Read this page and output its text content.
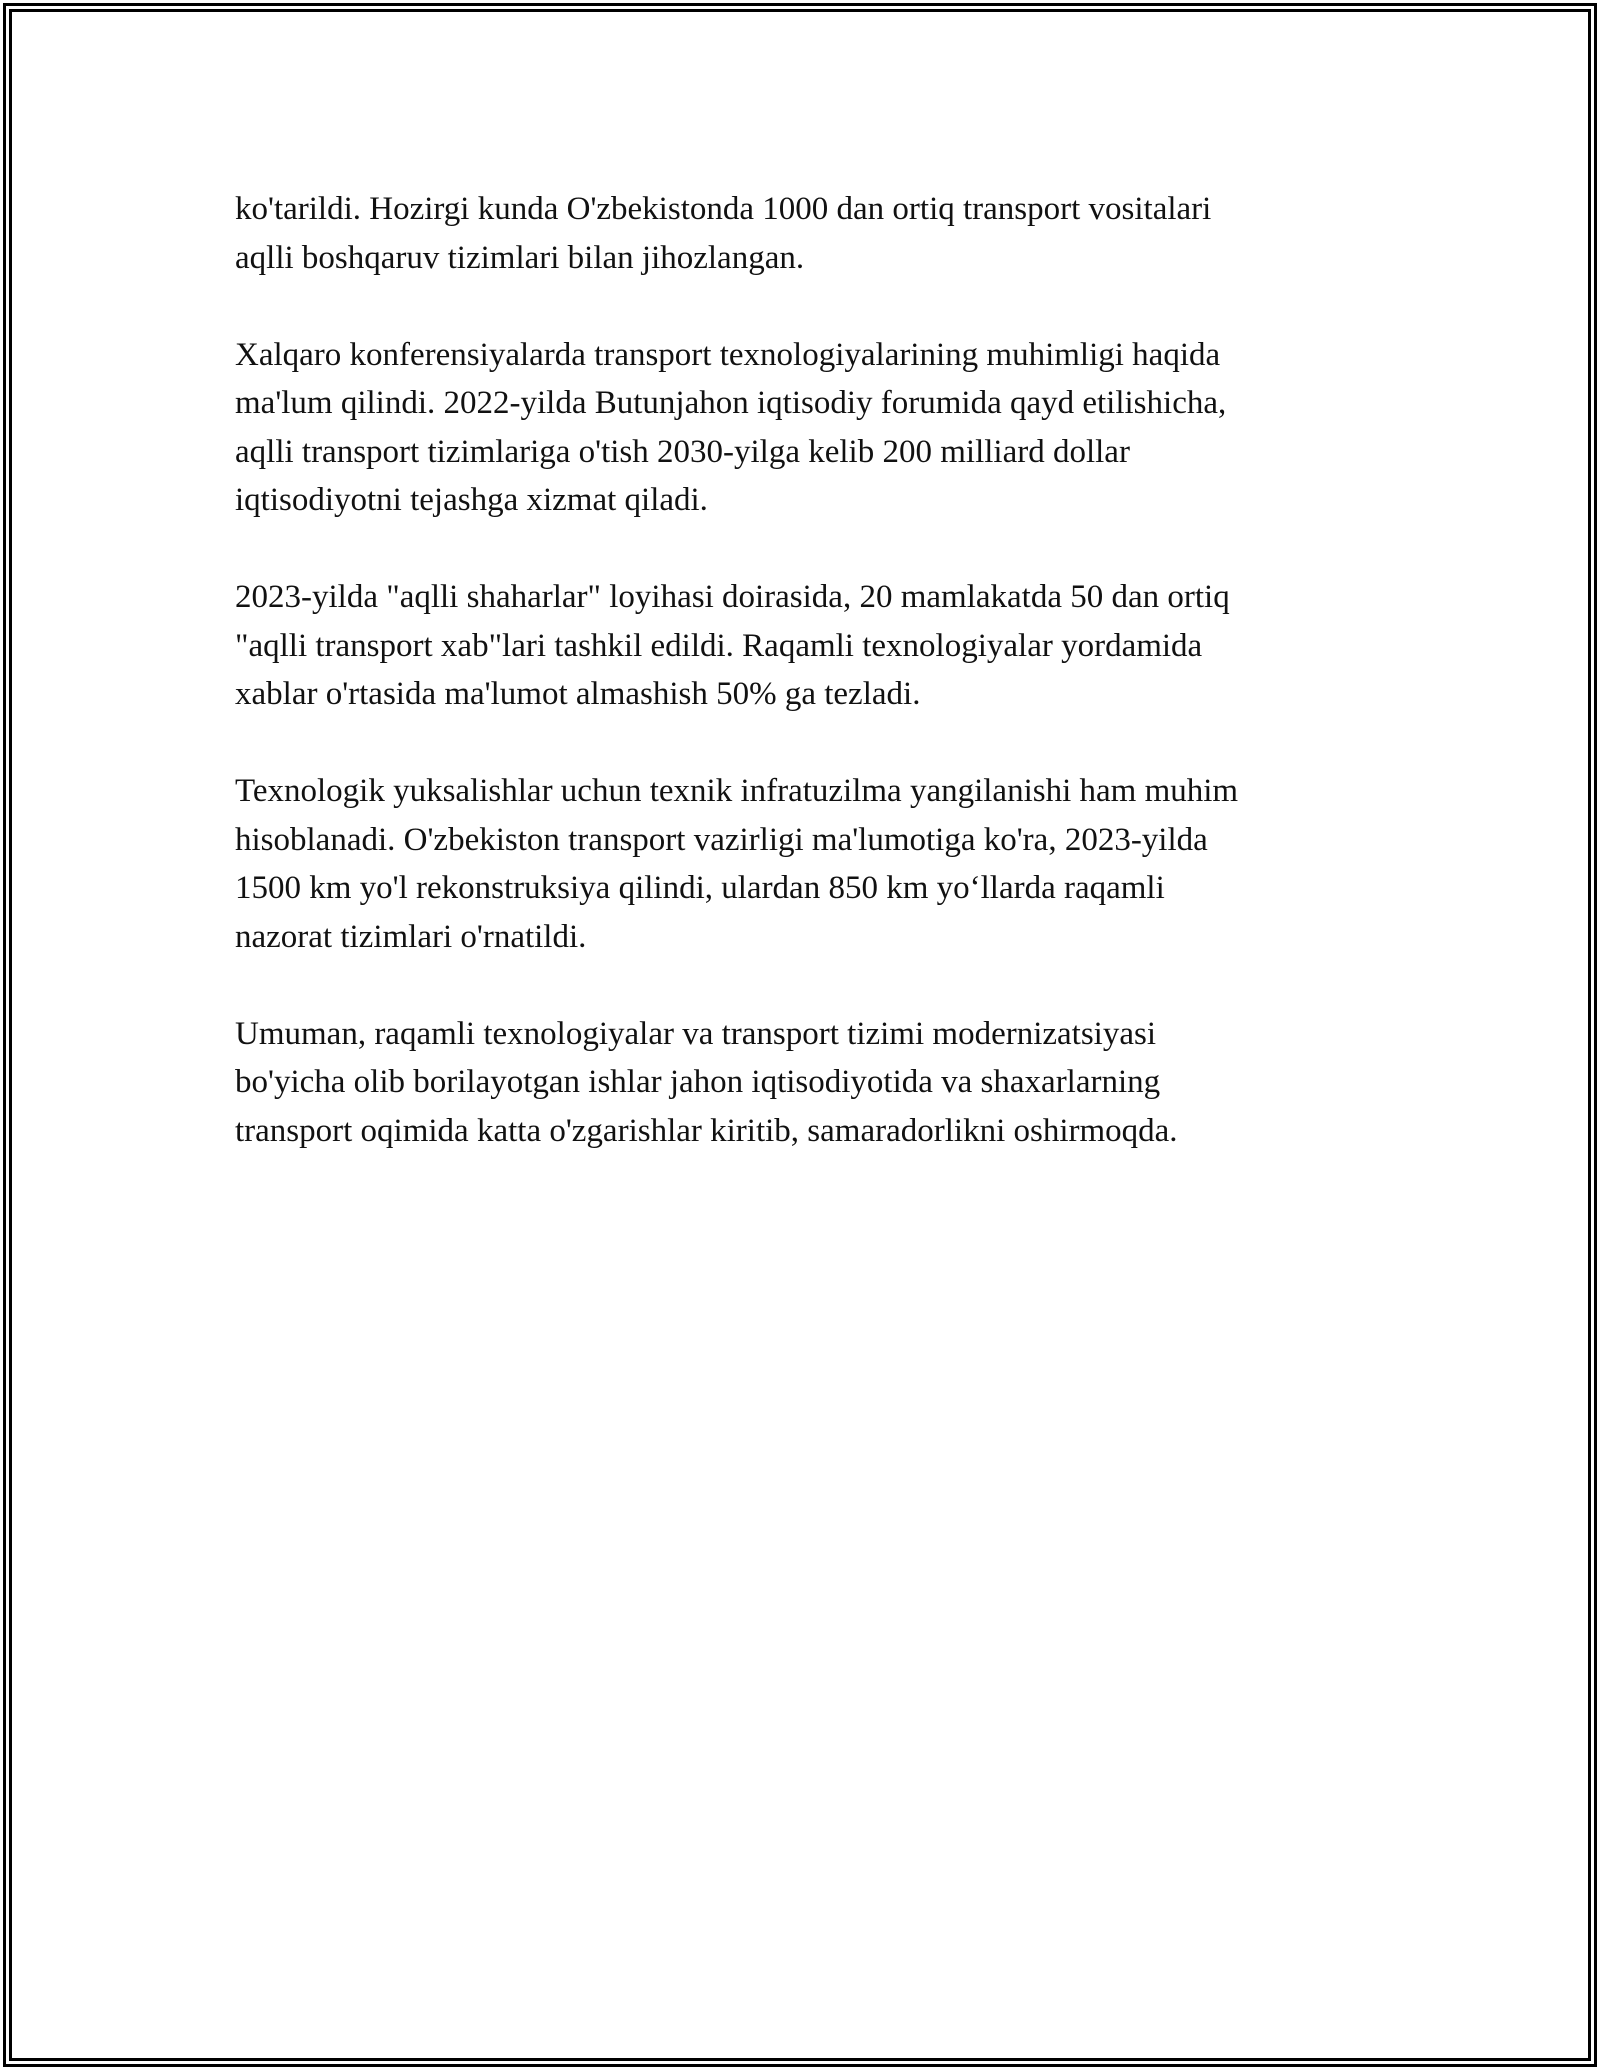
ko'tarildi. Hozirgi kunda O'zbekistonda 1000 dan ortiq transport vositalari
aqlli boshqaruv tizimlari bilan jihozlangan.

Xalqaro konferensiyalarda transport texnologiyalarining muhimligi haqida
ma'lum qilindi. 2022-yilda Butunjahon iqtisodiy forumida qayd etilishicha,
aqlli transport tizimlariga o'tish 2030-yilga kelib 200 milliard dollar
iqtisodiyotni tejashga xizmat qiladi.

2023-yilda "aqlli shaharlar" loyihasi doirasida, 20 mamlakatda 50 dan ortiq
"aqlli transport xab"lari tashkil edildi. Raqamli texnologiyalar yordamida
xablar o'rtasida ma'lumot almashish 50% ga tezladi.

Texnologik yuksalishlar uchun texnik infratuzilma yangilanishi ham muhim
hisoblanadi. O'zbekiston transport vazirligi ma'lumotiga ko'ra, 2023-yilda
1500 km yo'l rekonstruksiya qilindi, ulardan 850 km yo‘llarda raqamli
nazorat tizimlari o'rnatildi.

Umuman, raqamli texnologiyalar va transport tizimi modernizatsiyasi
bo'yicha olib borilayotgan ishlar jahon iqtisodiyotida va shaxarlarning
transport oqimida katta o'zgarishlar kiritib, samaradorlikni oshirmoqda.
